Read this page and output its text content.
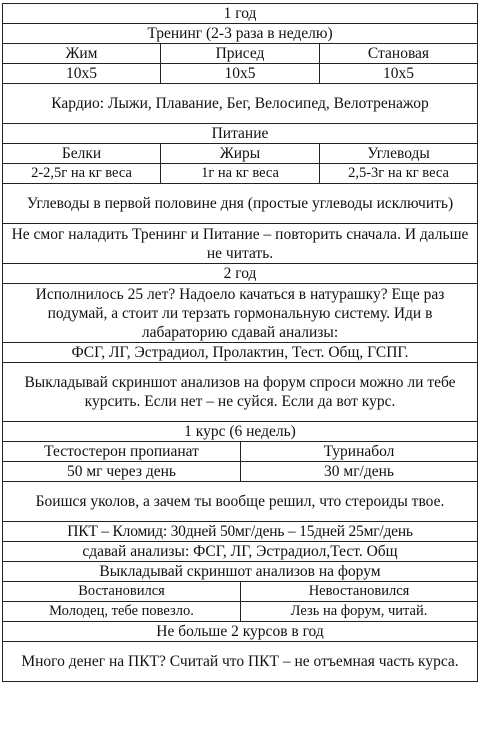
1 год			
Тренинг (2-3 раза в неделю)			
Жим	Присед		Становая
10х5	10х5		10х5
Кардио: Лыжи, Плавание, Бег, Велосипед, Велотренажор			
Питание			
Белки	Жиры		Углеводы
2-2,5г на кг веса	1г на кг веса		2,5-3г на кг веса
Углеводы в первой половине дня (простые углеводы исключить)			
Не смог наладить Тренинг и Питание – повторить сначала. И дальше не читать.			
2 год			
Исполнилось 25 лет? Надоело качаться в натурашку? Еще раз подумай, а стоит ли терзать гормональную систему. Иди в лабараторию сдавай анализы:			
ФСГ, ЛГ, Эстрадиол, Пролактин, Тест. Общ, ГСПГ.			
Выкладывай скриншот анализов на форум спроси можно ли тебе курсить. Если нет – не суйся. Если да вот курс.			
1 курс (6 недель)			
Тестостерон пропианат		Туринабол	
50 мг через день		30 мг/день	
Боишся уколов, а зачем ты вообще решил, что стероиды твое.			
ПКТ – Кломид: 30дней 50мг/день – 15дней 25мг/день			
сдавай анализы: ФСГ, ЛГ, Эстрадиол,Тест. Общ			
Выкладывай скриншот анализов на форум			
Востановился		Невостановился	
Молодец, тебе повезло.		Лезь на форум, читай.	
Не больше 2 курсов в год			
Много денег на ПКТ? Считай что ПКТ – не отъемная часть курса.			
